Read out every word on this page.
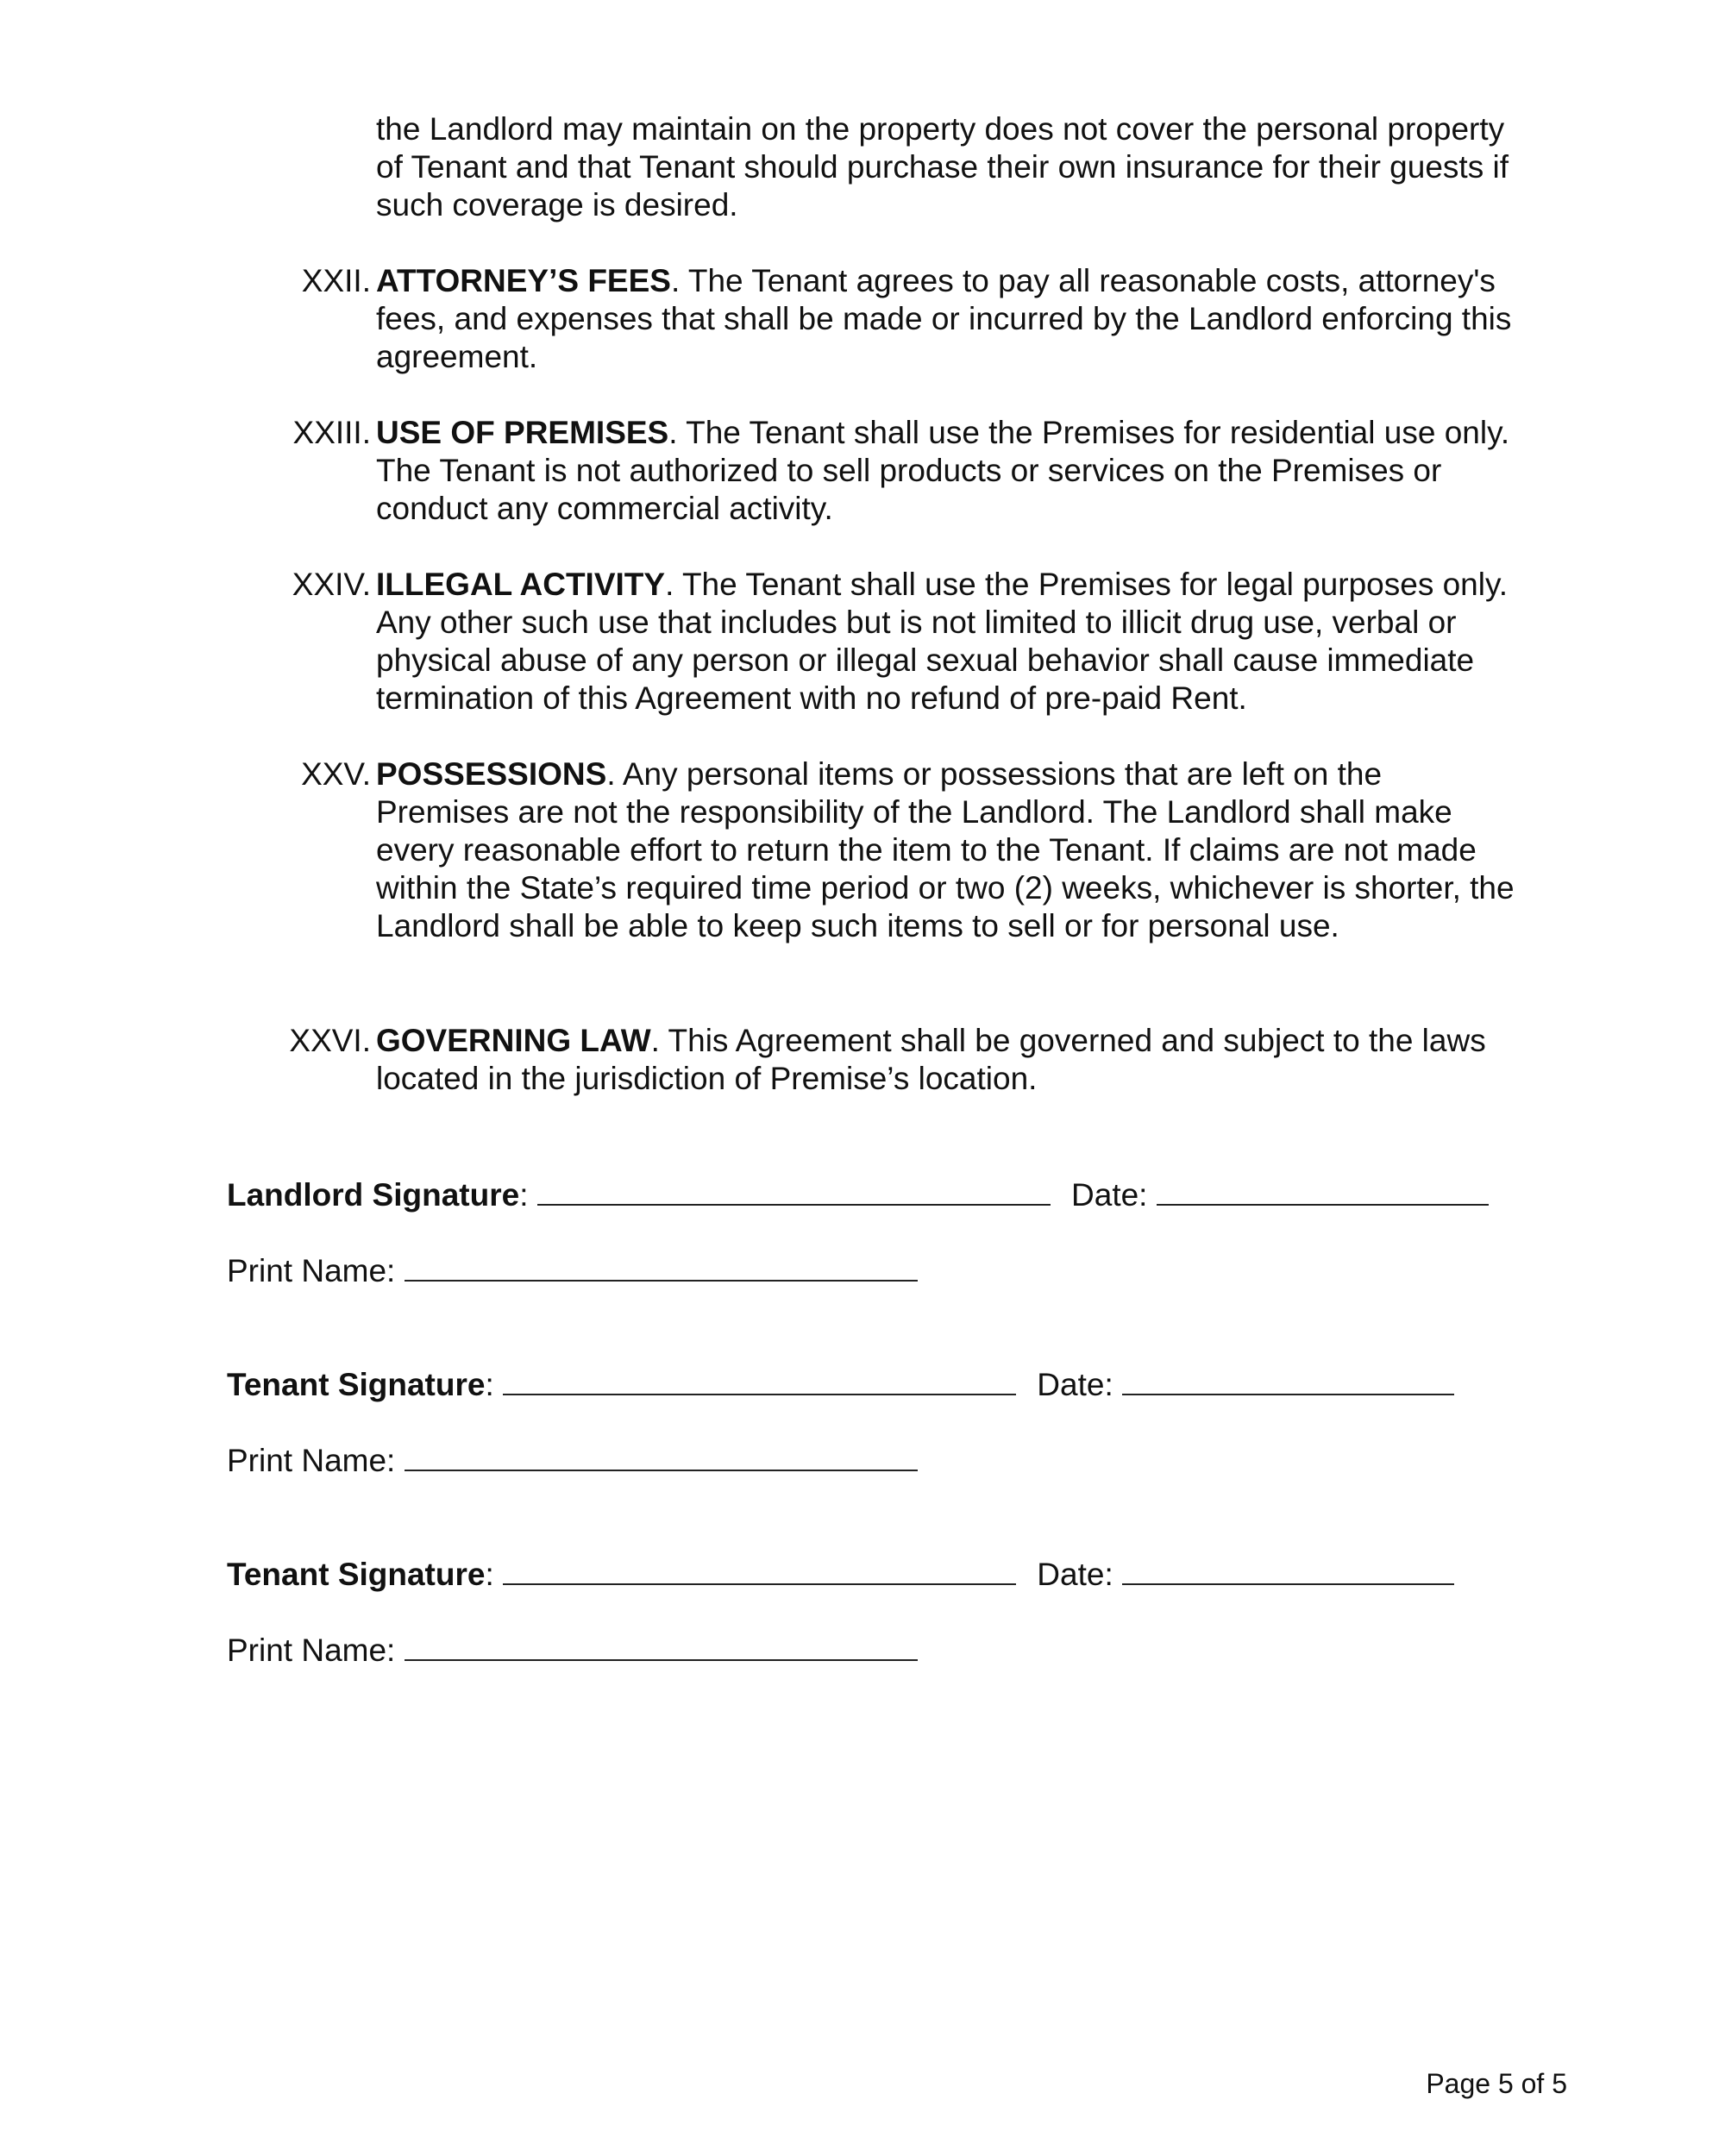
the Landlord may maintain on the property does not cover the personal property of Tenant and that Tenant should purchase their own insurance for their guests if such coverage is desired.

XXII. ATTORNEY’S FEES. The Tenant agrees to pay all reasonable costs, attorney's fees, and expenses that shall be made or incurred by the Landlord enforcing this agreement.
XXIII. USE OF PREMISES. The Tenant shall use the Premises for residential use only. The Tenant is not authorized to sell products or services on the Premises or conduct any commercial activity.
XXIV. ILLEGAL ACTIVITY. The Tenant shall use the Premises for legal purposes only. Any other such use that includes but is not limited to illicit drug use, verbal or physical abuse of any person or illegal sexual behavior shall cause immediate termination of this Agreement with no refund of pre-paid Rent.
XXV. POSSESSIONS. Any personal items or possessions that are left on the Premises are not the responsibility of the Landlord. The Landlord shall make every reasonable effort to return the item to the Tenant. If claims are not made within the State’s required time period or two (2) weeks, whichever is shorter, the Landlord shall be able to keep such items to sell or for personal use.
XXVI. GOVERNING LAW. This Agreement shall be governed and subject to the laws located in the jurisdiction of Premise’s location.
Landlord Signature:	Date:
Print Name:
Tenant Signature:	Date:
Print Name:
Tenant Signature:	Date:
Print Name:
Page 5 of 5
